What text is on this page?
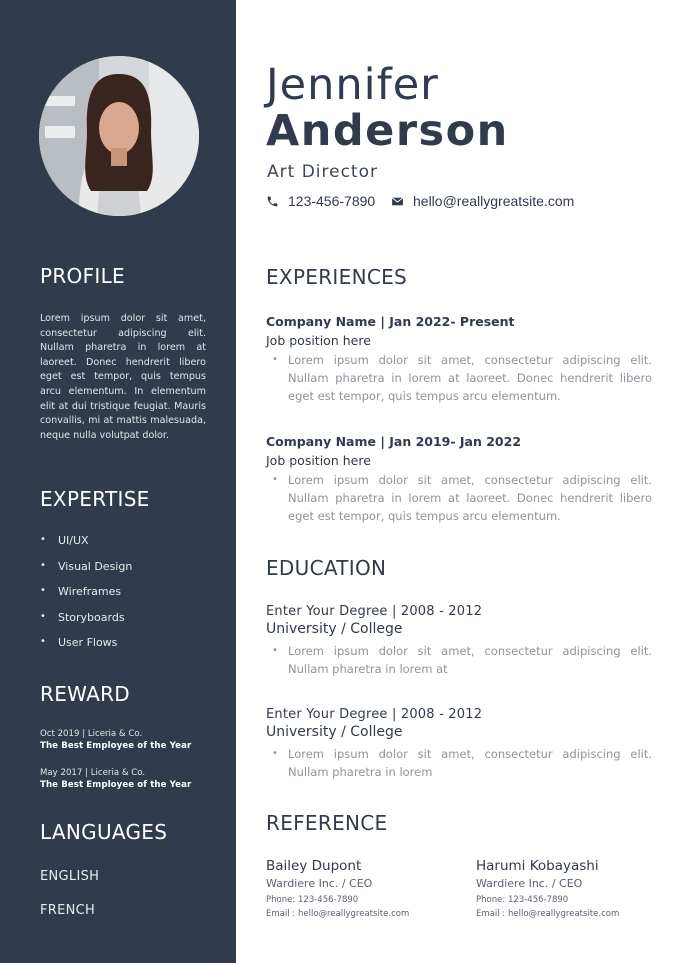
PROFILE
Lorem ipsum dolor sit amet, consectetur adipiscing elit. Nullam pharetra in lorem at laoreet. Donec hendrerit libero eget est tempor, quis tempus arcu elementum. In elementum elit at dui tristique feugiat. Mauris convallis, mi at mattis malesuada, neque nulla volutpat dolor.
EXPERTISE
•	UI/UX
•	Visual Design
•	Wireframes
•	Storyboards
•	User Flows
REWARD
Oct 2019 | Liceria & Co.
The Best Employee of the Year
May 2017 | Liceria & Co.
The Best Employee of the Year
LANGUAGES
ENGLISH
FRENCH
Jennifer
Anderson
Art Director
123-456-7890	hello@reallygreatsite.com
EXPERIENCES
Company Name | Jan 2022- Present
Job position here
• Lorem ipsum dolor sit amet, consectetur adipiscing elit. Nullam pharetra in lorem at laoreet. Donec hendrerit libero eget est tempor, quis tempus arcu elementum.
Company Name | Jan 2019- Jan 2022
Job position here
• Lorem ipsum dolor sit amet, consectetur adipiscing elit. Nullam pharetra in lorem at laoreet. Donec hendrerit libero eget est tempor, quis tempus arcu elementum.
EDUCATION
Enter Your Degree | 2008 - 2012
University / College
• Lorem ipsum dolor sit amet, consectetur adipiscing elit. Nullam pharetra in lorem at
Enter Your Degree | 2008 - 2012
University / College
• Lorem ipsum dolor sit amet, consectetur adipiscing elit. Nullam pharetra in lorem
REFERENCE
Bailey Dupont
Wardiere Inc. / CEO
Phone: 123-456-7890
Email : hello@reallygreatsite.com
Harumi Kobayashi
Wardiere Inc. / CEO
Phone: 123-456-7890
Email : hello@reallygreatsite.com
